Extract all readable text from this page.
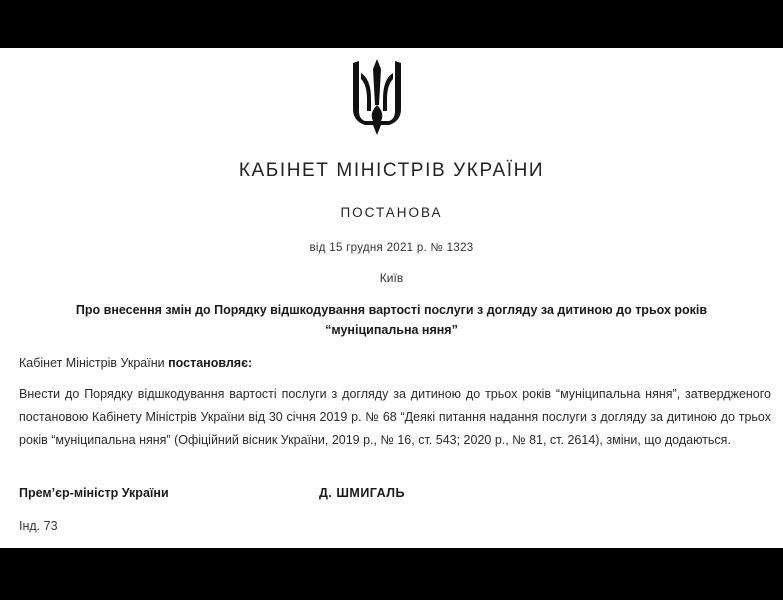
КАБІНЕТ МІНІСТРІВ УКРАЇНИ
ПОСТАНОВА
від 15 грудня 2021 р. № 1323
Київ
Про внесення змін до Порядку відшкодування вартості послуги з догляду за дитиною до трьох років
“муніципальна няня”
Кабінет Міністрів України постановляє:
Внести до Порядку відшкодування вартості послуги з догляду за дитиною до трьох років “муніципальна няня”, затвердженого постановою Кабінету Міністрів України від 30 січня 2019 р. № 68 “Деякі питання надання послуги з догляду за дитиною до трьох років “муніципальна няня” (Офіційний вісник України, 2019 р., № 16, ст. 543; 2020 р., № 81, ст. 2614), зміни, що додаються.
Прем’єр-міністр України	Д. ШМИГАЛЬ
Інд. 73
